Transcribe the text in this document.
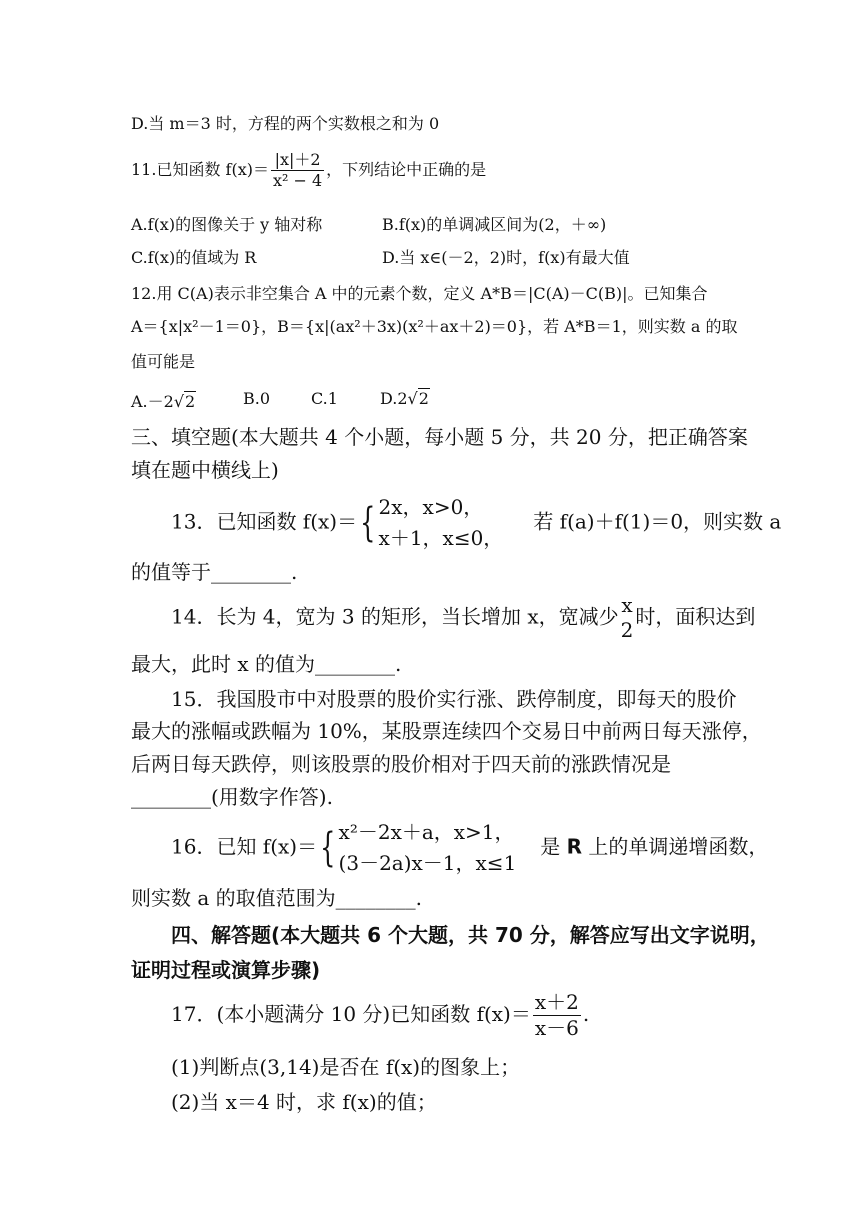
D.当 m＝3 时，方程的两个实数根之和为 0
11.已知函数 $f(x)= \frac{|x|+2}{\text{x² − 4}}$ ，下列结论中正确的是
A.f(x)的图像关于 y 轴对称	B.f(x)的单调减区间为(2，＋∞)
C.f(x)的值域为 R	D.当 x∈(－2，2)时，f(x)有最大值
12.用 C(A)表示非空集合 A 中的元素个数，定义 A*B＝|C(A)－C(B)|。已知集合
A＝{x|x²－1＝0}，B＝{x|(ax²＋3x)(x²＋ax＋2)＝0}，若 A*B＝1，则实数 a 的取
值可能是
A.－2√2	B.0	C.1	D.2√2
三、填空题(本大题共 4 个小题，每小题 5 分，共 20 分，把正确答案
填在题中横线上)
13．已知函数 f(x)＝{ 2x，x>0，
x＋1，x≤0，
若 f(a)＋f(1)＝0，则实数 a
的值等于________.
14．长为 4，宽为 3 的矩形，当长增加 x，宽减少 x
2
时，面积达到
最大，此时 x 的值为________.
15．我国股市中对股票的股价实行涨、跌停制度，即每天的股价
最大的涨幅或跌幅为 10%，某股票连续四个交易日中前两日每天涨停，
后两日每天跌停，则该股票的股价相对于四天前的涨跌情况是
________(用数字作答).
16．已知 f(x)＝{ x²－2x＋a，x>1，
(3－2a)x－1，x≤1
是 R 上的单调递增函数，
则实数 a 的取值范围为________.
四、解答题(本大题共 6 个大题，共 70 分，解答应写出文字说明，
证明过程或演算步骤)
17．(本小题满分 10 分)已知函数 $f(x)= \frac{x+2}{x-6}$ .
(1)判断点(3,14)是否在 f(x)的图象上；
(2)当 x＝4 时，求 f(x)的值；
